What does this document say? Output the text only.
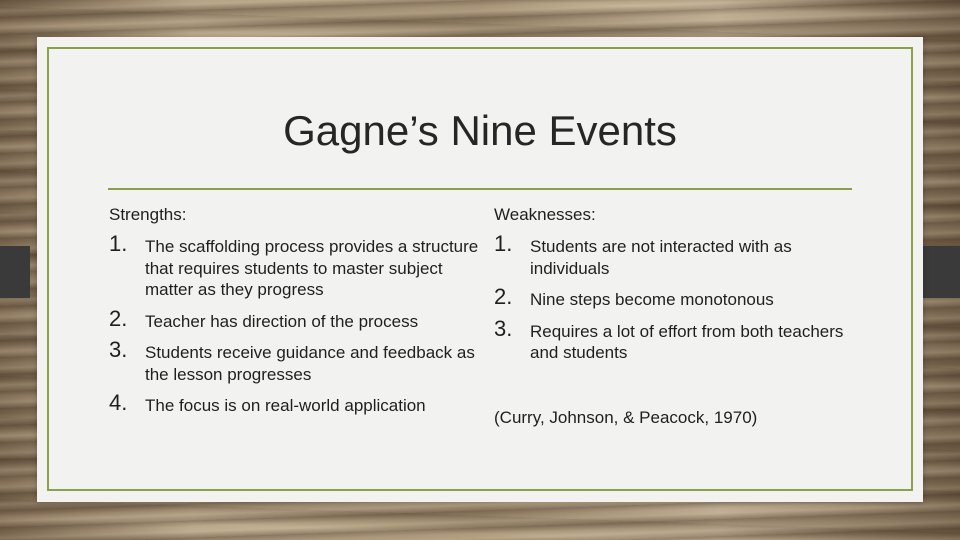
Gagne’s Nine Events
Strengths:
1. The scaffolding process provides a structure that requires students to master subject matter as they progress
2. Teacher has direction of the process
3. Students receive guidance and feedback as the lesson progresses
4. The focus is on real-world application
Weaknesses:
1. Students are not interacted with as individuals
2. Nine steps become monotonous
3. Requires a lot of effort from both teachers and students
(Curry, Johnson, & Peacock, 1970)
